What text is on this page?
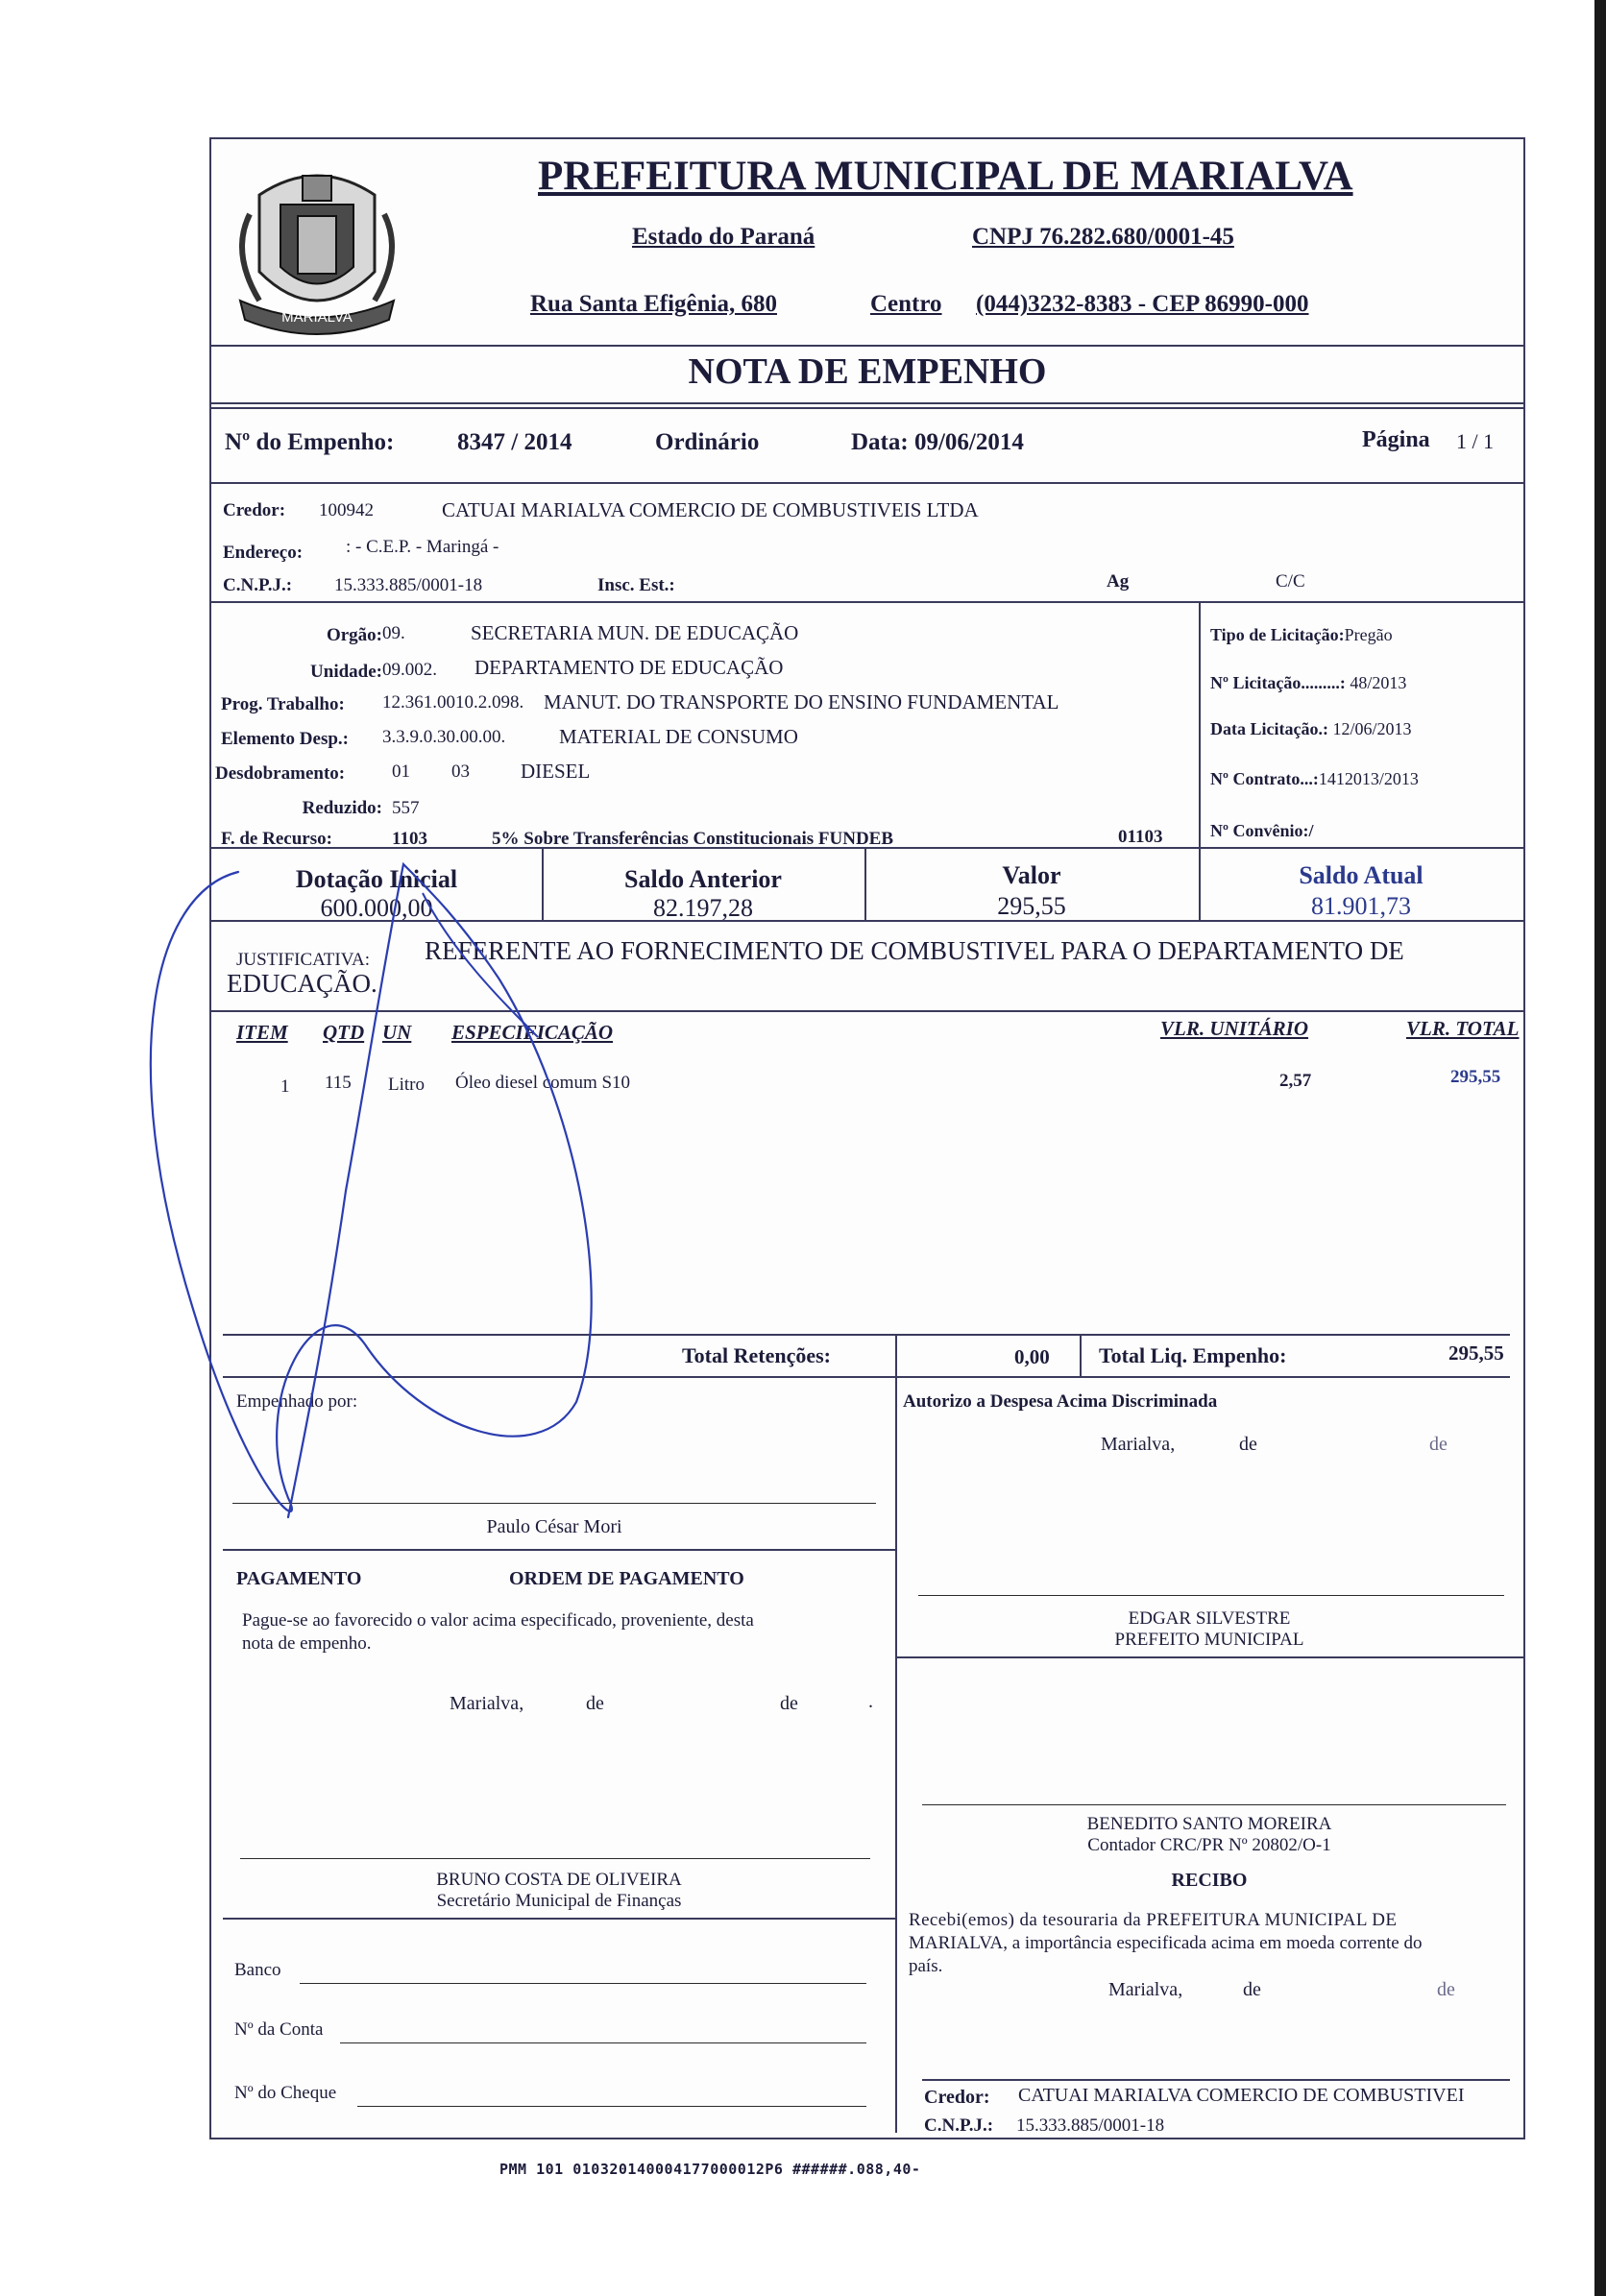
MARIALVA
PREFEITURA MUNICIPAL DE MARIALVA
Estado do Paraná	CNPJ 76.282.680/0001-45
Rua Santa Efigênia, 680	Centro (044)3232-8383 - CEP 86990-000
NOTA DE EMPENHO
Nº do Empenho:	8347 / 2014	Ordinário	Data: 09/06/2014	Página 1 / 1
Credor: 100942	CATUAI MARIALVA COMERCIO DE COMBUSTIVEIS LTDA
Endereço: : - C.E.P. - Maringá -
C.N.P.J.: 15.333.885/0001-18	Insc. Est.:	Ag	C/C
Orgão: 09.	SECRETARIA MUN. DE EDUCAÇÃO
Unidade: 09.002. DEPARTAMENTO DE EDUCAÇÃO
Prog. Trabalho: 12.361.0010.2.098. MANUT. DO TRANSPORTE DO ENSINO FUNDAMENTAL
Elemento Desp.: 3.3.9.0.30.00.00.	MATERIAL DE CONSUMO
Desdobramento:	01 03	DIESEL
Reduzido: 557
F. de Recurso:	1103	5% Sobre Transferências Constitucionais FUNDEB	01103
Tipo de Licitação:Pregão
Nº Licitação.........: 48/2013
Data Licitação.: 12/06/2013
Nº Contrato...:1412013/2013
Nº Convênio:/
Dotação Inicial
600.000,00
Saldo Anterior
82.197,28
Valor
295,55
Saldo Atual
81.901,73
JUSTIFICATIVA: REFERENTE AO FORNECIMENTO DE COMBUSTIVEL PARA O DEPARTAMENTO DE
EDUCAÇÃO.
ITEM QTD UN ESPECIFICAÇÃO	VLR. UNITÁRIO	VLR. TOTAL
1 115 Litro Óleo diesel comum S10	2,57	295,55
Total Retenções:	0,00 Total Liq. Empenho:	295,55
Empenhado por:
Paulo César Mori
Autorizo a Despesa Acima Discriminada
Marialva,	de	de
EDGAR SILVESTRE
PREFEITO MUNICIPAL
PAGAMENTO	ORDEM DE PAGAMENTO
Pague-se ao favorecido o valor acima especificado, proveniente, desta
nota de empenho.
Marialva,	de	de	.
BRUNO COSTA DE OLIVEIRA
Secretário Municipal de Finanças
BENEDITO SANTO MOREIRA
Contador CRC/PR Nº 20802/O-1
RECIBO
Recebi(emos) da tesouraria da PREFEITURA MUNICIPAL DE
MARIALVA, a importância especificada acima em moeda corrente do
país.
Marialva,	de	de
Credor: CATUAI MARIALVA COMERCIO DE COMBUSTIVEI
C.N.P.J.: 15.333.885/0001-18
Banco
Nº da Conta
Nº do Cheque
PMM 101 010320140004177000012P6 ######.088,40-
